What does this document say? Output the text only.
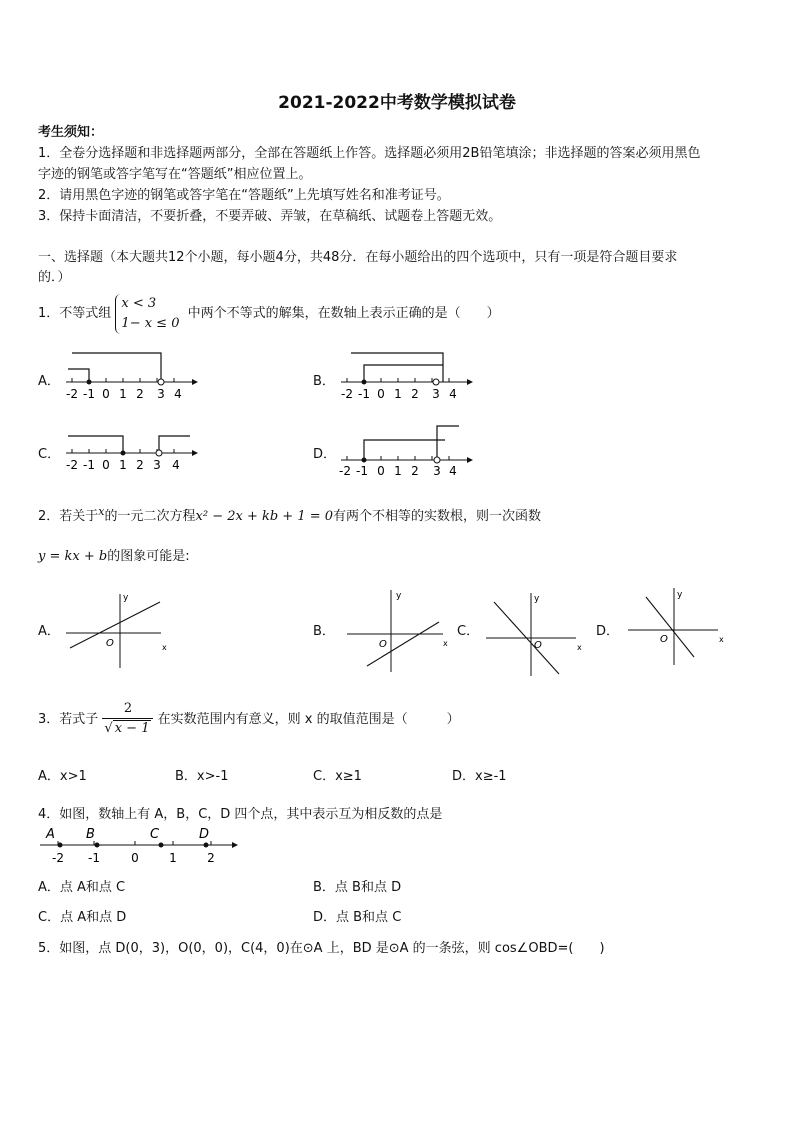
2021-2022中考数学模拟试卷
考生须知：
1．全卷分选择题和非选择题两部分，全部在答题纸上作答。选择题必须用2B铅笔填涂；非选择题的答案必须用黑色
字迹的钢笔或答字笔写在“答题纸”相应位置上。
2．请用黑色字迹的钢笔或答字笔在“答题纸”上先填写姓名和准考证号。
3．保持卡面清洁，不要折叠，不要弄破、弄皱，在草稿纸、试题卷上答题无效。
一、选择题（本大题共12个小题，每小题4分，共48分．在每小题给出的四个选项中，只有一项是符合题目要求
的．）
1．不等式组
x < 3
1− x ≤ 0
中两个不等式的解集，在数轴上表示正确的是（　　）
A．	B．
C．	D．
-2 -1 0 1 2 3 4	-2 -1 0 1 2 3 4
-2 -1 0 1 2 3 4	-2 -1 0 1 2 3 4
2．若关于$^x$的一元二次方程x² − 2x + kb + 1 = 0有两个不相等的实数根，则一次函数
y = kx + b的图象可能是:
A．	B．	C．	D．
y
x
O
y
x
O
y
x
O
y
x
O
3．若式子 $\frac{2}{√ x - 1}$ 在实数范围内有意义，则 x 的取值范围是（　　　）
A．x>1	B．x>-1	C．x≥1	D．x≥-1
4．如图，数轴上有 A，B，C，D 四个点，其中表示互为相反数的点是
A B	C	D
-2 -1	0	1	2
A．点 A和点 C	B．点 B和点 D
C．点 A和点 D	D．点 B和点 C
5．如图，点 D(0，3)，O(0，0)，C(4，0)在⊙A 上，BD 是⊙A 的一条弦，则 cos∠OBD=(　　)
